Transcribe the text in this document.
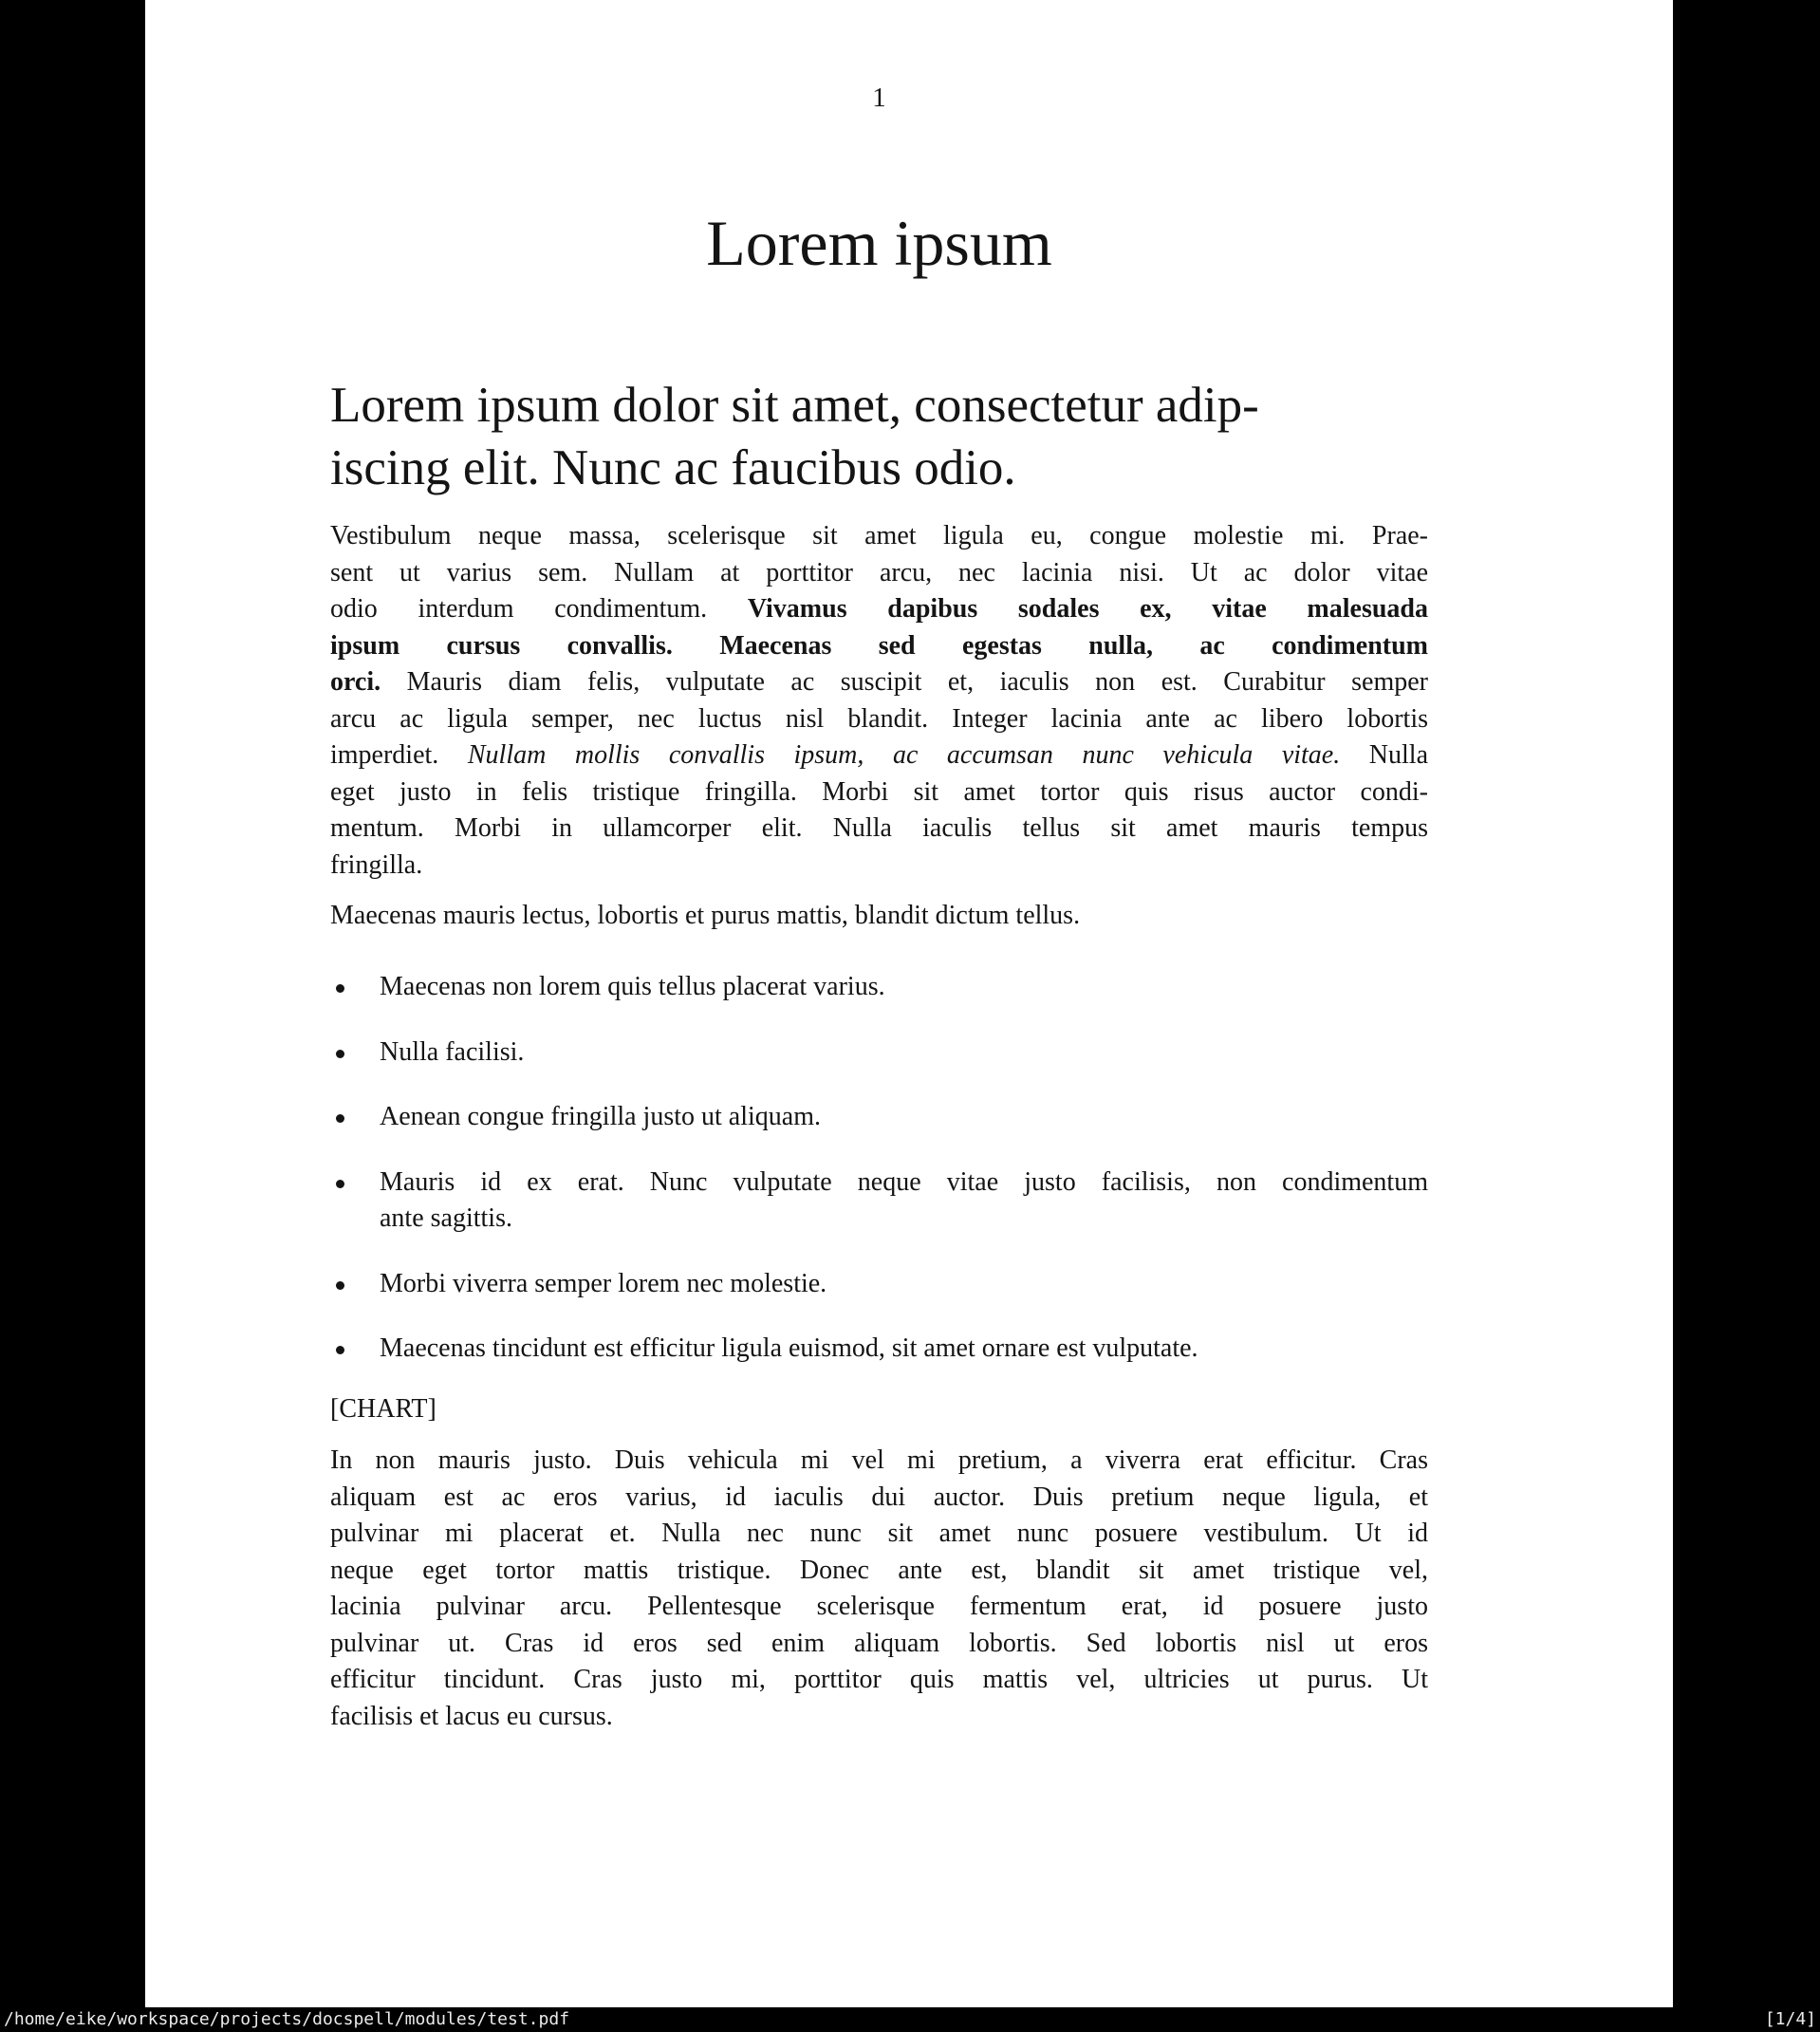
1
Lorem ipsum
Lorem ipsum dolor sit amet, consectetur adip-
iscing elit. Nunc ac faucibus odio.
Vestibulum neque massa, scelerisque sit amet ligula eu, congue molestie mi. Prae-
sent ut varius sem. Nullam at porttitor arcu, nec lacinia nisi. Ut ac dolor vitae
odio interdum condimentum. Vivamus dapibus sodales ex, vitae malesuada
ipsum cursus convallis. Maecenas sed egestas nulla, ac condimentum
orci. Mauris diam felis, vulputate ac suscipit et, iaculis non est. Curabitur semper
arcu ac ligula semper, nec luctus nisl blandit. Integer lacinia ante ac libero lobortis
imperdiet. Nullam mollis convallis ipsum, ac accumsan nunc vehicula vitae. Nulla
eget justo in felis tristique fringilla. Morbi sit amet tortor quis risus auctor condi-
mentum. Morbi in ullamcorper elit. Nulla iaculis tellus sit amet mauris tempus
fringilla.
Maecenas mauris lectus, lobortis et purus mattis, blandit dictum tellus.
Maecenas non lorem quis tellus placerat varius.
Nulla facilisi.
Aenean congue fringilla justo ut aliquam.
Mauris id ex erat. Nunc vulputate neque vitae justo facilisis, non condimentum
ante sagittis.
Morbi viverra semper lorem nec molestie.
Maecenas tincidunt est efficitur ligula euismod, sit amet ornare est vulputate.
[CHART]
In non mauris justo. Duis vehicula mi vel mi pretium, a viverra erat efficitur. Cras
aliquam est ac eros varius, id iaculis dui auctor. Duis pretium neque ligula, et
pulvinar mi placerat et. Nulla nec nunc sit amet nunc posuere vestibulum. Ut id
neque eget tortor mattis tristique. Donec ante est, blandit sit amet tristique vel,
lacinia pulvinar arcu. Pellentesque scelerisque fermentum erat, id posuere justo
pulvinar ut. Cras id eros sed enim aliquam lobortis. Sed lobortis nisl ut eros
efficitur tincidunt. Cras justo mi, porttitor quis mattis vel, ultricies ut purus. Ut
facilisis et lacus eu cursus.
/home/eike/workspace/projects/docspell/modules/test.pdf	[1/4]
